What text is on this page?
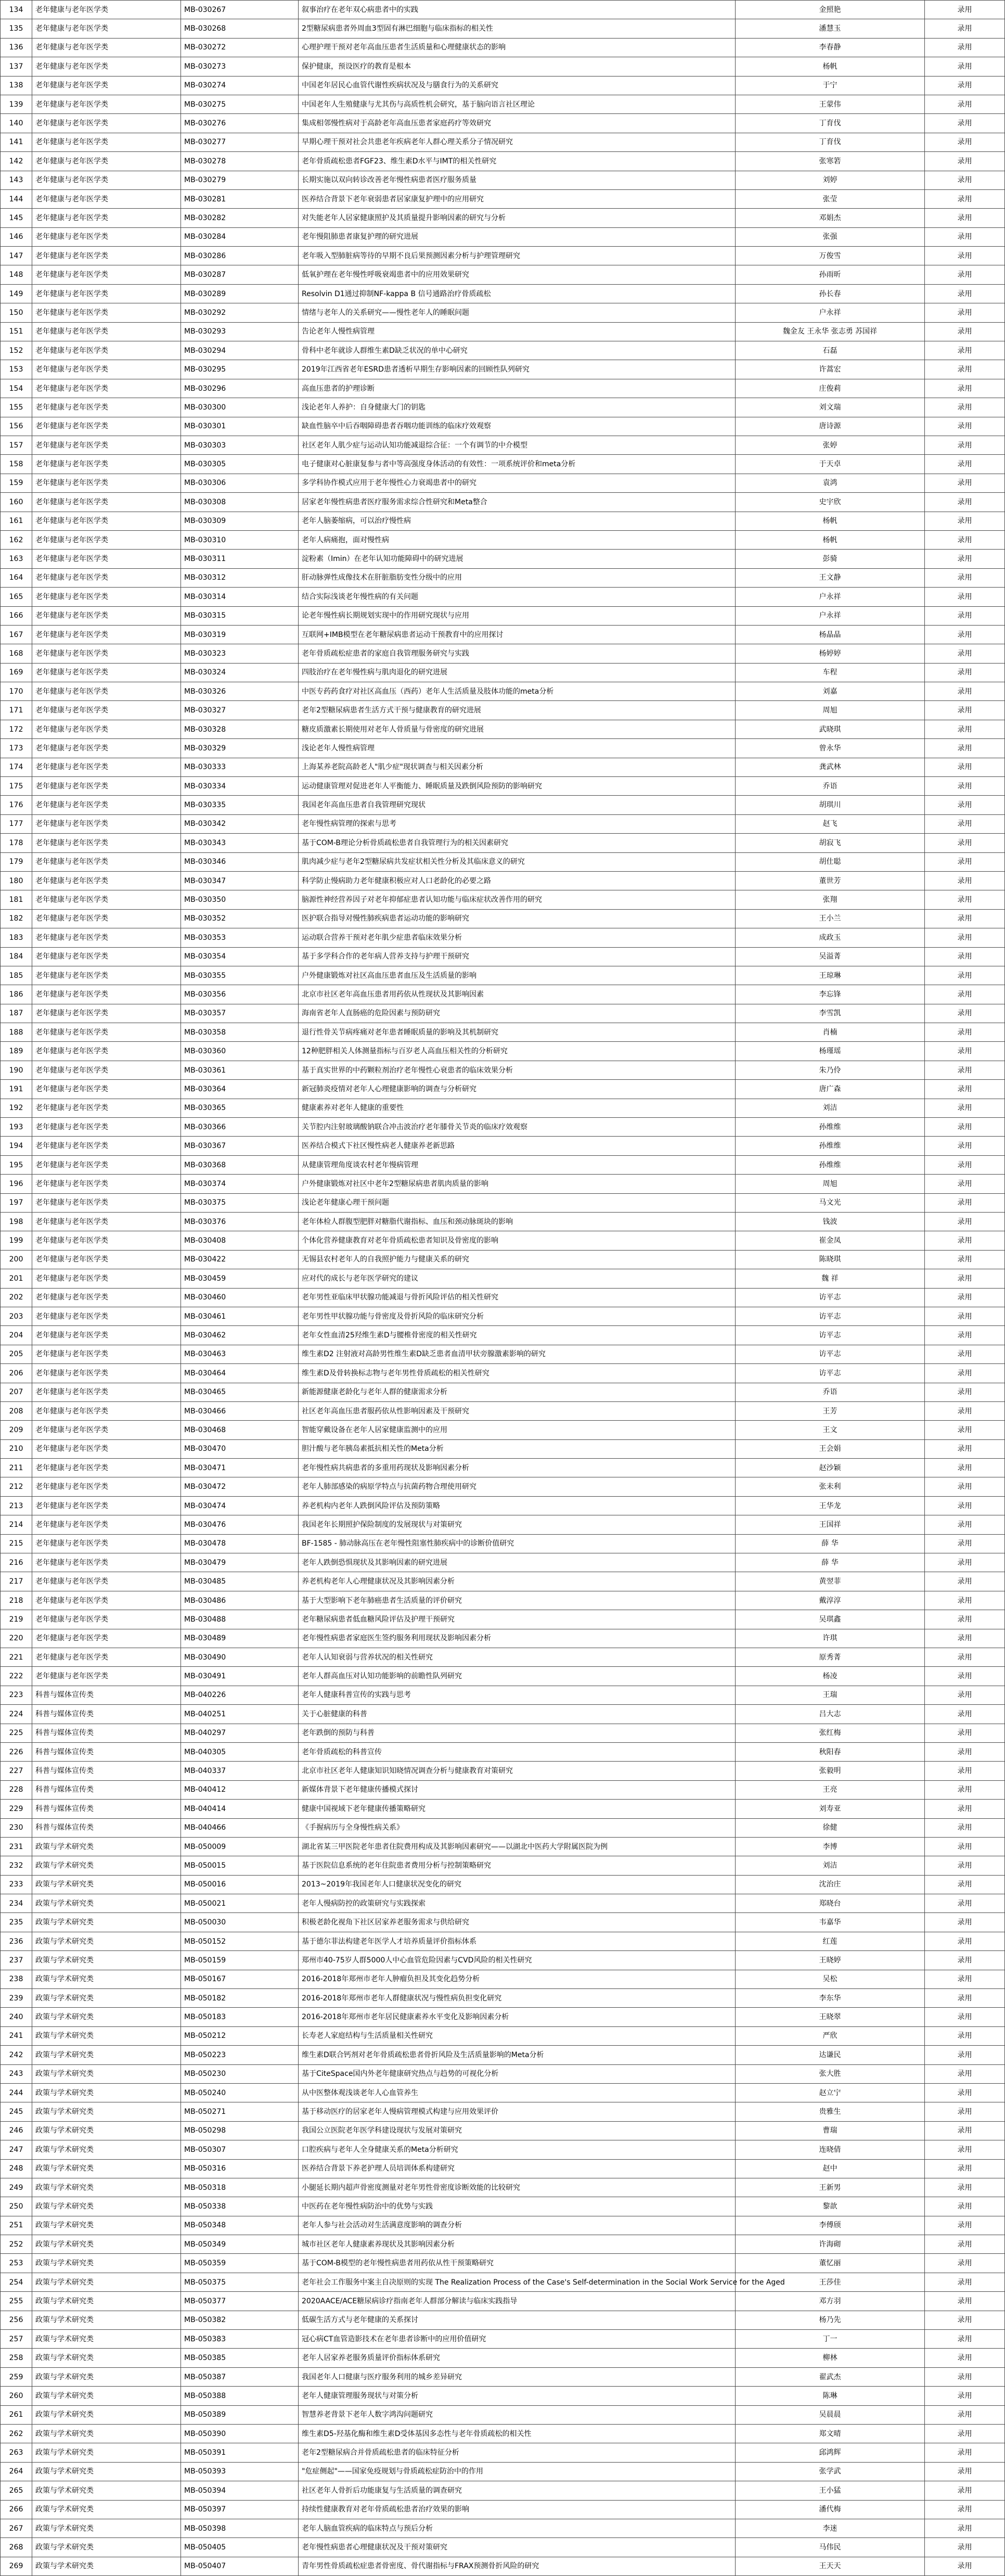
134	老年健康与老年医学类	MB-030267	叙事治疗在老年双心病患者中的实践	金照艳	录用
135	老年健康与老年医学类	MB-030268	2型糖尿病患者外周血3型固有淋巴细胞与临床指标的相关性	潘慧玉	录用
136	老年健康与老年医学类	MB-030272	心理护理干预对老年高血压患者生活质量和心理健康状态的影响	李春静	录用
137	老年健康与老年医学类	MB-030273	保护健康，预设医疗的教育是根本	杨帆	录用
138	老年健康与老年医学类	MB-030274	中国老年居民心血管代谢性疾病状况及与膳食行为的关系研究	于宁	录用
139	老年健康与老年医学类	MB-030275	中国老年人生殖健康与尤其伤与高质性机会研究，基于脑向语言社区理论	王蒙伟	录用
140	老年健康与老年医学类	MB-030276	集成相邻慢性病对于高龄老年高血压患者家庭药疗等效研究	丁育伐	录用
141	老年健康与老年医学类	MB-030277	早期心理干预对社会共患老年疾病老年人群心理关系分子情况研究	丁育伐	录用
142	老年健康与老年医学类	MB-030278	老年骨质疏松患者FGF23、维生素D水平与IMT的相关性研究	张寒箬	录用
143	老年健康与老年医学类	MB-030279	长期实施以双向转诊改善老年慢性病患者医疗服务质量	刘婷	录用
144	老年健康与老年医学类	MB-030281	医养结合背景下老年衰弱患者居家康复护理中的应用研究	张莹	录用
145	老年健康与老年医学类	MB-030282	对失能老年人居家健康照护及其质量提升影响因素的研究与分析	邓娟杰	录用
146	老年健康与老年医学类	MB-030284	老年慢阻肺患者康复护理的研究进展	张强	录用
147	老年健康与老年医学类	MB-030286	老年吸入型肺脏病等待的早期不良后果预测因素分析与护理管理研究	万俊雪	录用
148	老年健康与老年医学类	MB-030287	低氧护理在老年慢性呼吸衰竭患者中的应用效果研究	孙雨昕	录用
149	老年健康与老年医学类	MB-030289	Resolvin D1通过抑制NF-kappa B 信号通路治疗骨质疏松	孙长春	录用
150	老年健康与老年医学类	MB-030292	情绪与老年人的关系研究——慢性老年人的睡眠问题	户永祥	录用
151	老年健康与老年医学类	MB-030293	告论老年人慢性病管理	魏金友 王永华 张志勇 苏国祥	录用
152	老年健康与老年医学类	MB-030294	骨科中老年就诊人群维生素D缺乏状况的单中心研究	石磊	录用
153	老年健康与老年医学类	MB-030295	2019年江西省老年ESRD患者透析早期生存影响因素的回顾性队列研究	许蒿宏	录用
154	老年健康与老年医学类	MB-030296	高血压患者的护理诊断	庄俊莉	录用
155	老年健康与老年医学类	MB-030300	浅论老年人养护：自身健康大门的钥匙	刘文瑞	录用
156	老年健康与老年医学类	MB-030301	缺血性脑卒中后吞咽障碍患者吞咽功能训练的临床疗效观察	唐诗源	录用
157	老年健康与老年医学类	MB-030303	社区老年人肌少症与运动认知功能减退综合征：一个有调节的中介模型	张婷	录用
158	老年健康与老年医学类	MB-030305	电子健康对心脏康复参与者中等高强度身体活动的有效性：一项系统评价和meta分析	于天卓	录用
159	老年健康与老年医学类	MB-030306	多学科协作模式应用于老年慢性心力衰竭患者中的研究	袁鸿	录用
160	老年健康与老年医学类	MB-030308	居家老年慢性病患者医疗服务需求综合性研究和Meta整合	史宇欣	录用
161	老年健康与老年医学类	MB-030309	老年人脑萎缩病，可以治疗慢性病	杨帆	录用
162	老年健康与老年医学类	MB-030310	老年人病痛抱，面对慢性病	杨帆	录用
163	老年健康与老年医学类	MB-030311	淀粉素（Imin）在老年认知功能障碍中的研究进展	彭骑	录用
164	老年健康与老年医学类	MB-030312	肝动脉弹性成像技术在肝脏脂肪变性分级中的应用	王文静	录用
165	老年健康与老年医学类	MB-030314	结合实际浅谈老年慢性病的有关问题	户永祥	录用
166	老年健康与老年医学类	MB-030315	论老年慢性病长期规划实现中的作用研究现状与应用	户永祥	录用
167	老年健康与老年医学类	MB-030319	互联网+IMB模型在老年糖尿病患者运动干预教育中的应用探讨	杨晶晶	录用
168	老年健康与老年医学类	MB-030323	老年骨质疏松症患者的家庭自我管理服务研究与实践	杨婷婷	录用
169	老年健康与老年医学类	MB-030324	四肢治疗在老年慢性病与肌肉退化的研究进展	车程	录用
170	老年健康与老年医学类	MB-030326	中医专药药食疗对社区高血压（西药）老年人生活质量及肢体功能的meta分析	刘嘉	录用
171	老年健康与老年医学类	MB-030327	老年2型糖尿病患者生活方式干预与健康教育的研究进展	周旭	录用
172	老年健康与老年医学类	MB-030328	糖皮质激素长期使用对老年人骨质量与骨密度的研究进展	武晓琪	录用
173	老年健康与老年医学类	MB-030329	浅论老年人慢性病管理	曾永华	录用
174	老年健康与老年医学类	MB-030333	上海某养老院高龄老人"肌少症"现状调查与相关因素分析	龚武林	录用
175	老年健康与老年医学类	MB-030334	运动健康管理对促进老年人平衡能力、睡眠质量及跌倒风险预防的影响研究	乔语	录用
176	老年健康与老年医学类	MB-030335	我国老年高血压患者自我管理研究现状	胡琪川	录用
177	老年健康与老年医学类	MB-030342	老年慢性病管理的探索与思考	赵飞	录用
178	老年健康与老年医学类	MB-030343	基于COM-B理论分析骨质疏松患者自我管理行为的相关因素研究	胡寂飞	录用
179	老年健康与老年医学类	MB-030346	肌肉减少症与老年2型糖尿病共发症状相关性分析及其临床意义的研究	胡仕聪	录用
180	老年健康与老年医学类	MB-030347	科学防止慢病助力老年健康积极应对人口老龄化的必要之路	董世芳	录用
181	老年健康与老年医学类	MB-030350	脑源性神经营养因子对老年抑郁症患者认知功能与临床症状改善作用的研究	张翔	录用
182	老年健康与老年医学类	MB-030352	医护联合指导对慢性肺疾病患者运动功能的影响研究	王小兰	录用
183	老年健康与老年医学类	MB-030353	运动联合营养干预对老年肌少症患者临床效果分析	成政玉	录用
184	老年健康与老年医学类	MB-030354	基于多学科合作的老年病人营养支持与护理干预研究	吴溢菁	录用
185	老年健康与老年医学类	MB-030355	户外健康锻炼对社区高血压患者血压及生活质量的影响	王琼琳	录用
186	老年健康与老年医学类	MB-030356	北京市社区老年高血压患者用药依从性现状及其影响因素	李忘锋	录用
187	老年健康与老年医学类	MB-030357	海南省老年人直肠癌的危险因素与预防研究	李雪凯	录用
188	老年健康与老年医学类	MB-030358	退行性骨关节病疼痛对老年患者睡眠质量的影响及其机制研究	肖楠	录用
189	老年健康与老年医学类	MB-030360	12种肥胖相关人体测量指标与百岁老人高血压相关性的分析研究	杨瑾瑶	录用
190	老年健康与老年医学类	MB-030361	基于真实世界的中药颗粒剂治疗老年慢性心衰患者的临床效果分析	朱乃伶	录用
191	老年健康与老年医学类	MB-030364	新冠肺炎疫情对老年人心理健康影响的调查与分析研究	唐广森	录用
192	老年健康与老年医学类	MB-030365	健康素养对老年人健康的重要性	刘洁	录用
193	老年健康与老年医学类	MB-030366	关节腔内注射玻璃酸钠联合冲击波治疗老年膝骨关节炎的临床疗效观察	孙维维	录用
194	老年健康与老年医学类	MB-030367	医养结合模式下社区慢性病老人健康养老新思路	孙维维	录用
195	老年健康与老年医学类	MB-030368	从健康管理角度谈农村老年慢病管理	孙维维	录用
196	老年健康与老年医学类	MB-030374	户外健康锻炼对社区中老年2型糖尿病患者肌肉质量的影响	周旭	录用
197	老年健康与老年医学类	MB-030375	浅论老年健康心理干预问题	马文光	录用
198	老年健康与老年医学类	MB-030376	老年体检人群腹型肥胖对糖脂代谢指标、血压和颈动脉斑块的影响	钱波	录用
199	老年健康与老年医学类	MB-030408	个体化营养健康教育对老年骨质疏松患者知识及骨密度的影响	崔金凤	录用
200	老年健康与老年医学类	MB-030422	无锡县农村老年人的自我照护能力与健康关系的研究	陈晓琪	录用
201	老年健康与老年医学类	MB-030459	应对代的成长与老年医学研究的建议	魏 祥	录用
202	老年健康与老年医学类	MB-030460	老年男性亚临床甲状腺功能减退与骨折风险评估的相关性研究	访平志	录用
203	老年健康与老年医学类	MB-030461	老年男性甲状腺功能与骨密度及骨折风险的临床研究分析	访平志	录用
204	老年健康与老年医学类	MB-030462	老年女性血清25羟维生素D与腰椎骨密度的相关性研究	访平志	录用
205	老年健康与老年医学类	MB-030463	维生素D2 注射液对高龄男性维生素D缺乏患者血清甲状旁腺激素影响的研究	访平志	录用
206	老年健康与老年医学类	MB-030464	维生素D及骨转换标志物与老年男性骨质疏松的相关性研究	访平志	录用
207	老年健康与老年医学类	MB-030465	新能源健康老龄化与老年人群的健康需求分析	乔语	录用
208	老年健康与老年医学类	MB-030466	社区老年高血压患者服药依从性影响因素及干预研究	王芳	录用
209	老年健康与老年医学类	MB-030468	智能穿戴设备在老年人居家健康监测中的应用	王文	录用
210	老年健康与老年医学类	MB-030470	胆汁酸与老年胰岛素抵抗相关性的Meta分析	王会娟	录用
211	老年健康与老年医学类	MB-030471	老年慢性病共病患者的多重用药现状及影响因素分析	赵沙颖	录用
212	老年健康与老年医学类	MB-030472	老年人肺部感染的病原学特点与抗菌药物合理使用研究	张未利	录用
213	老年健康与老年医学类	MB-030474	养老机构内老年人跌倒风险评估及预防策略	王华龙	录用
214	老年健康与老年医学类	MB-030476	我国老年长期照护保险制度的发展现状与对策研究	王国祥	录用
215	老年健康与老年医学类	MB-030478	BF-1585 - 肺动脉高压在老年慢性阻塞性肺疾病中的诊断价值研究	薛 华	录用
216	老年健康与老年医学类	MB-030479	老年人跌倒恐惧现状及其影响因素的研究进展	薛 华	录用
217	老年健康与老年医学类	MB-030485	养老机构老年人心理健康状况及其影响因素分析	黄翌菲	录用
218	老年健康与老年医学类	MB-030486	基于大型影响下老年肺癌患者生活质量的评价研究	戴淳淳	录用
219	老年健康与老年医学类	MB-030488	老年糖尿病患者低血糖风险评估及护理干预研究	吴琪鑫	录用
220	老年健康与老年医学类	MB-030489	老年慢性病患者家庭医生签约服务利用现状及影响因素分析	许琪	录用
221	老年健康与老年医学类	MB-030490	老年人认知衰弱与营养状况的相关性研究	原秀菁	录用
222	老年健康与老年医学类	MB-030491	老年人群高血压对认知功能影响的前瞻性队列研究	杨凌	录用
223	科普与媒体宣传类	MB-040226	老年人健康科普宣传的实践与思考	王瑞	录用
224	科普与媒体宣传类	MB-040251	关于心脏健康的科普	吕大志	录用
225	科普与媒体宣传类	MB-040297	老年跌倒的预防与科普	张红梅	录用
226	科普与媒体宣传类	MB-040305	老年骨质疏松的科普宣传	秋阳春	录用
227	科普与媒体宣传类	MB-040337	北京市社区老年人健康知识知晓情况调查分析与健康教育对策研究	张毅明	录用
228	科普与媒体宣传类	MB-040412	新媒体背景下老年健康传播模式探讨	王亮	录用
229	科普与媒体宣传类	MB-040414	健康中国视域下老年健康传播策略研究	刘寿亚	录用
230	科普与媒体宣传类	MB-040466	《手握病历与全身慢性病关系》	徐健	录用
231	政策与学术研究类	MB-050009	湖北省某三甲医院老年患者住院费用构成及其影响因素研究——以湖北中医药大学附属医院为例	李博	录用
232	政策与学术研究类	MB-050015	基于医院信息系统的老年住院患者费用分析与控制策略研究	刘洁	录用
233	政策与学术研究类	MB-050016	2013~2019年我国老年人口健康状况变化的研究	沈治庄	录用
234	政策与学术研究类	MB-050021	老年人慢病防控的政策研究与实践探索	郑晓台	录用
235	政策与学术研究类	MB-050030	积极老龄化视角下社区居家养老服务需求与供给研究	韦嘉华	录用
236	政策与学术研究类	MB-050152	基于德尔菲法构建老年医学人才培养质量评价指标体系	红莲	录用
237	政策与学术研究类	MB-050159	郑州市40-75岁人群5000人中心血管危险因素与CVD风险的相关性研究	王晓婷	录用
238	政策与学术研究类	MB-050167	2016-2018年郑州市老年人肿瘤负担及其变化趋势分析	吴松	录用
239	政策与学术研究类	MB-050182	2016-2018年郑州市老年人群健康状况与慢性病负担变化研究	李东华	录用
240	政策与学术研究类	MB-050183	2016-2018年郑州市老年居民健康素养水平变化及影响因素分析	王晓翠	录用
241	政策与学术研究类	MB-050212	长寿老人家庭结构与生活质量相关性研究	严欣	录用
242	政策与学术研究类	MB-050223	维生素D联合钙剂对老年骨质疏松患者骨折风险及生活质量影响的Meta分析	达谦民	录用
243	政策与学术研究类	MB-050230	基于CiteSpace国内外老年健康研究热点与趋势的可视化分析	张大胜	录用
244	政策与学术研究类	MB-050240	从中医整体观浅谈老年人心血管养生	赵立宁	录用
245	政策与学术研究类	MB-050271	基于移动医疗的居家老年人慢病管理模式构建与应用效果评价	贵雅生	录用
246	政策与学术研究类	MB-050298	我国公立医院老年医学科建设现状与发展对策研究	曹瑞	录用
247	政策与学术研究类	MB-050307	口腔疾病与老年人全身健康关系的Meta分析研究	连晓倩	录用
248	政策与学术研究类	MB-050316	医养结合背景下养老护理人员培训体系构建研究	赵中	录用
249	政策与学术研究类	MB-050318	小腿延长期内超声骨密度测量对老年男性骨密度诊断效能的比较研究	王新男	录用
250	政策与学术研究类	MB-050338	中医药在老年慢性病防治中的优势与实践	黎歆	录用
251	政策与学术研究类	MB-050348	老年人参与社会活动对生活满意度影响的调查分析	李傅颀	录用
252	政策与学术研究类	MB-050349	城市社区老年人健康素养现状及其影响因素分析	许海砌	录用
253	政策与学术研究类	MB-050359	基于COM-B模型的老年慢性病患者用药依从性干预策略研究	董忆丽	录用
254	政策与学术研究类	MB-050375	老年社会工作服务中案主自决原则的实现 The Realization Process of the Case's Self-determination in the Social Work Service for the Aged	王莎佳	录用
255	政策与学术研究类	MB-050377	2020AACE/ACE糖尿病诊疗指南老年人群部分解读与临床实践指导	邓方羽	录用
256	政策与学术研究类	MB-050382	低碳生活方式与老年健康的关系探讨	杨乃先	录用
257	政策与学术研究类	MB-050383	冠心病CT血管造影技术在老年患者诊断中的应用价值研究	丁一	录用
258	政策与学术研究类	MB-050385	老年人居家养老服务质量评价指标体系研究	柳林	录用
259	政策与学术研究类	MB-050387	我国老年人口健康与医疗服务利用的城乡差异研究	翟武杰	录用
260	政策与学术研究类	MB-050388	老年人健康管理服务现状与对策分析	陈琳	录用
261	政策与学术研究类	MB-050389	智慧养老背景下老年人数字鸿沟问题研究	吴晨晨	录用
262	政策与学术研究类	MB-050390	维生素D5-羟基化酶和维生素D受体基因多态性与老年骨质疏松的相关性	郑文晴	录用
263	政策与学术研究类	MB-050391	老年2型糖尿病合并骨质疏松患者的临床特征分析	邱鸿辉	录用
264	政策与学术研究类	MB-050393	"危症侧起"——国家免疫规划与骨质疏松症防治中的作用	张学武	录用
265	政策与学术研究类	MB-050394	社区老年人骨折后功能康复与生活质量的调查研究	王小猛	录用
266	政策与学术研究类	MB-050397	持续性健康教育对老年骨质疏松患者治疗效果的影响	潘代梅	录用
267	政策与学术研究类	MB-050398	老年人脑血管疾病的临床特点与预后分析	李迷	录用
268	政策与学术研究类	MB-050405	老年慢性病患者心理健康状况及干预对策研究	马伟民	录用
269	政策与学术研究类	MB-050407	青年男性骨质疏松症患者骨密度、骨代谢指标与FRAX预测骨折风险的研究	王天天	录用
